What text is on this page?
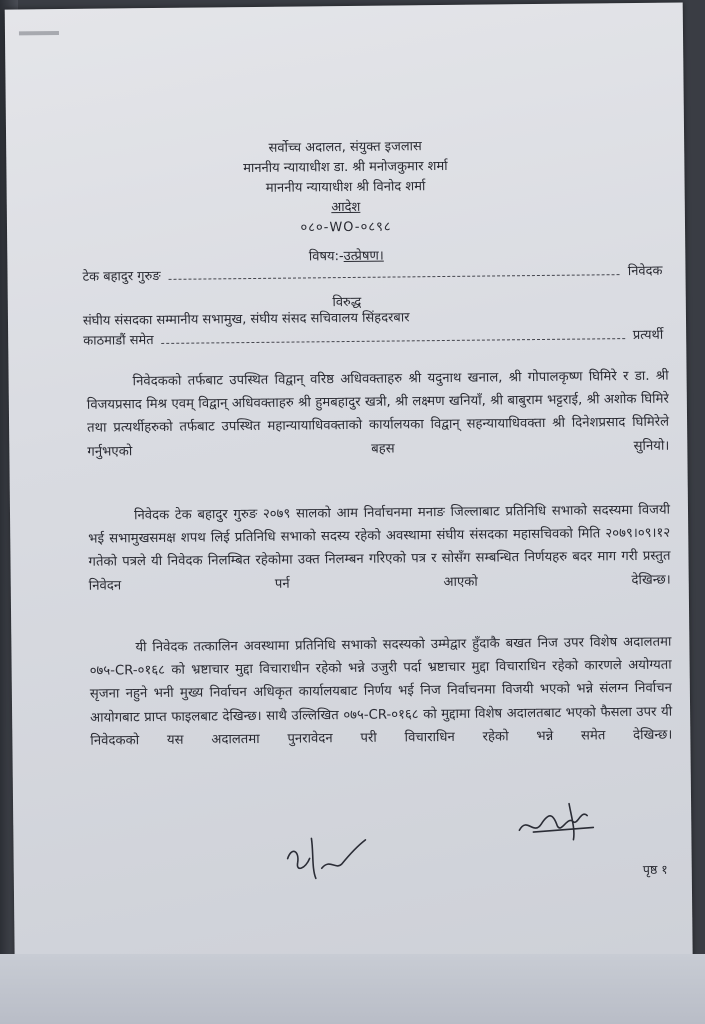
सर्वोच्च अदालत, संयुक्त इजलास
माननीय न्यायाधीश डा. श्री मनोजकुमार शर्मा
माननीय न्यायाधीश श्री विनोद शर्मा
आदेश
०८०-WO-०८९८
विषय:-उत्प्रेषण।
टेक बहादुर गुरुङ	निवेदक
विरुद्ध
संघीय संसदका सम्मानीय सभामुख, संघीय संसद सचिवालय सिंहदरबार
काठमाडौं समेत	प्रत्यर्थी
निवेदकको तर्फबाट उपस्थित विद्वान् वरिष्ठ अधिवक्ताहरु श्री यदुनाथ खनाल, श्री गोपालकृष्ण घिमिरे र डा. श्री विजयप्रसाद मिश्र एवम् विद्वान् अधिवक्ताहरु श्री हुमबहादुर खत्री, श्री लक्ष्मण खनियाँ, श्री बाबुराम भट्टराई, श्री अशोक घिमिरे तथा प्रत्यर्थीहरुको तर्फबाट उपस्थित महान्यायाधिवक्ताको कार्यालयका विद्वान् सहन्यायाधिवक्ता श्री दिनेशप्रसाद घिमिरेले गर्नुभएको बहस सुनियो।
निवेदक टेक बहादुर गुरुङ २०७९ सालको आम निर्वाचनमा मनाङ जिल्लाबाट प्रतिनिधि सभाको सदस्यमा विजयी भई सभामुखसमक्ष शपथ लिई प्रतिनिधि सभाको सदस्य रहेको अवस्थामा संघीय संसदका महासचिवको मिति २०७९।०९।१२ गतेको पत्रले यी निवेदक निलम्बित रहेकोमा उक्त निलम्बन गरिएको पत्र र सोसँग सम्बन्धित निर्णयहरु बदर माग गरी प्रस्तुत निवेदन पर्न आएको देखिन्छ।
यी निवेदक तत्कालिन अवस्थामा प्रतिनिधि सभाको सदस्यको उम्मेद्वार हुँदाकै बखत निज उपर विशेष अदालतमा ०७५-CR-०१६८ को भ्रष्टाचार मुद्दा विचाराधीन रहेको भन्ने उजुरी पर्दा भ्रष्टाचार मुद्दा विचाराधिन रहेको कारणले अयोग्यता सृजना नहुने भनी मुख्य निर्वाचन अधिकृत कार्यालयबाट निर्णय भई निज निर्वाचनमा विजयी भएको भन्ने संलग्न निर्वाचन आयोगबाट प्राप्त फाइलबाट देखिन्छ। साथै उल्लिखित ०७५-CR-०१६८ को मुद्दामा विशेष अदालतबाट भएको फैसला उपर यी निवेदकको यस अदालतमा पुनरावेदन परी विचाराधिन रहेको भन्ने समेत देखिन्छ।
पृष्ठ १
